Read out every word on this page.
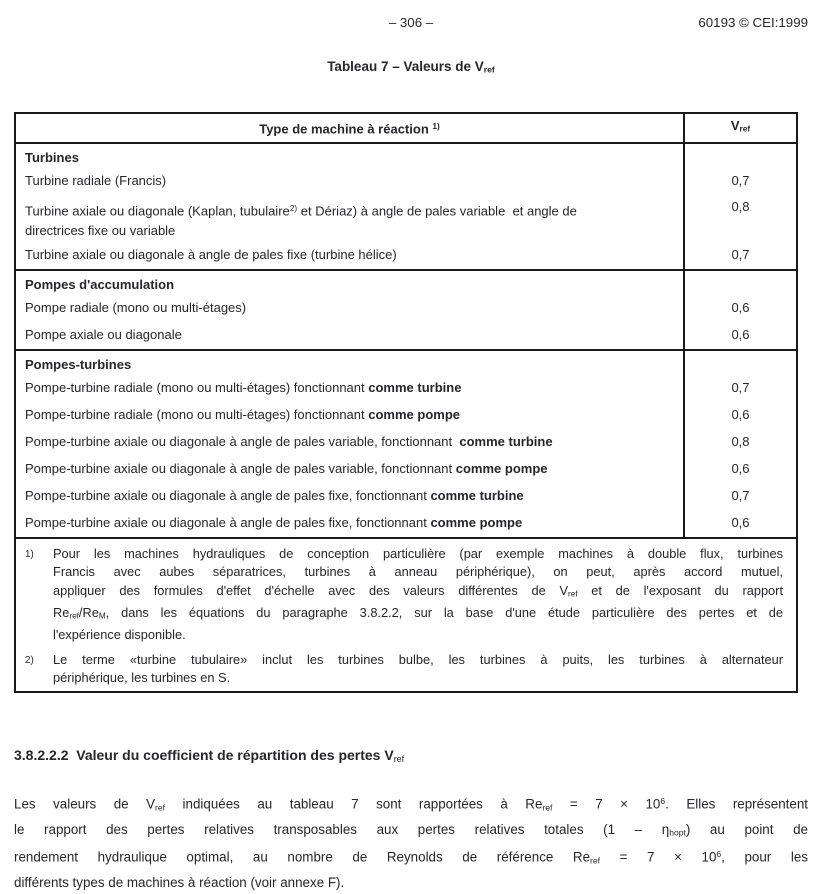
– 306 –	60193 © CEI:1999
Tableau 7 – Valeurs de Vref
Type de machine à réaction $^{1)}$	Vref
Turbines	
Turbine radiale (Francis)	0,7
Turbine axiale ou diagonale (Kaplan, tubulaire$^{2)}$ et Dériaz) à angle de pales variable  et angle de
directrices fixe ou variable	0,8
Turbine axiale ou diagonale à angle de pales fixe (turbine hélice)	0,7
Pompes d'accumulation	
Pompe radiale (mono ou multi-étages)	0,6
Pompe axiale ou diagonale	0,6
Pompes-turbines	
Pompe-turbine radiale (mono ou multi-étages) fonctionnant comme turbine	0,7
Pompe-turbine radiale (mono ou multi-étages) fonctionnant comme pompe	0,6
Pompe-turbine axiale ou diagonale à angle de pales variable, fonctionnant  comme turbine	0,8
Pompe-turbine axiale ou diagonale à angle de pales variable, fonctionnant comme pompe	0,6
Pompe-turbine axiale ou diagonale à angle de pales fixe, fonctionnant comme turbine	0,7
Pompe-turbine axiale ou diagonale à angle de pales fixe, fonctionnant comme pompe	0,6

1)	Pour les machines hydrauliques de conception particulière (par exemple machines à double flux, turbines
Francis avec aubes séparatrices, turbines à anneau périphérique), on peut, après accord mutuel,
appliquer des formules d'effet d'échelle avec des valeurs différentes de $V_{ref}$ et de l'exposant du rapport
$Re_{ref}/Re_M$, dans les équations du paragraphe 3.8.2.2, sur la base d'une étude particulière des pertes et de
l'expérience disponible.
2)	Le terme «turbine tubulaire» inclut les turbines bulbe, les turbines à puits, les turbines à alternateur
périphérique, les turbines en S.
3.8.2.2.2  Valeur du coefficient de répartition des pertes Vref
Les valeurs de Vref indiquées au tableau 7 sont rapportées à Reref = $7 \times 10^6$. Elles représentent
le rapport des pertes relatives transposables aux pertes relatives totales (1 – ηhopt) au point de
rendement hydraulique optimal, au nombre de Reynolds de référence Reref = $7 \times 10^6$, pour les
différents types de machines à réaction (voir annexe F).
